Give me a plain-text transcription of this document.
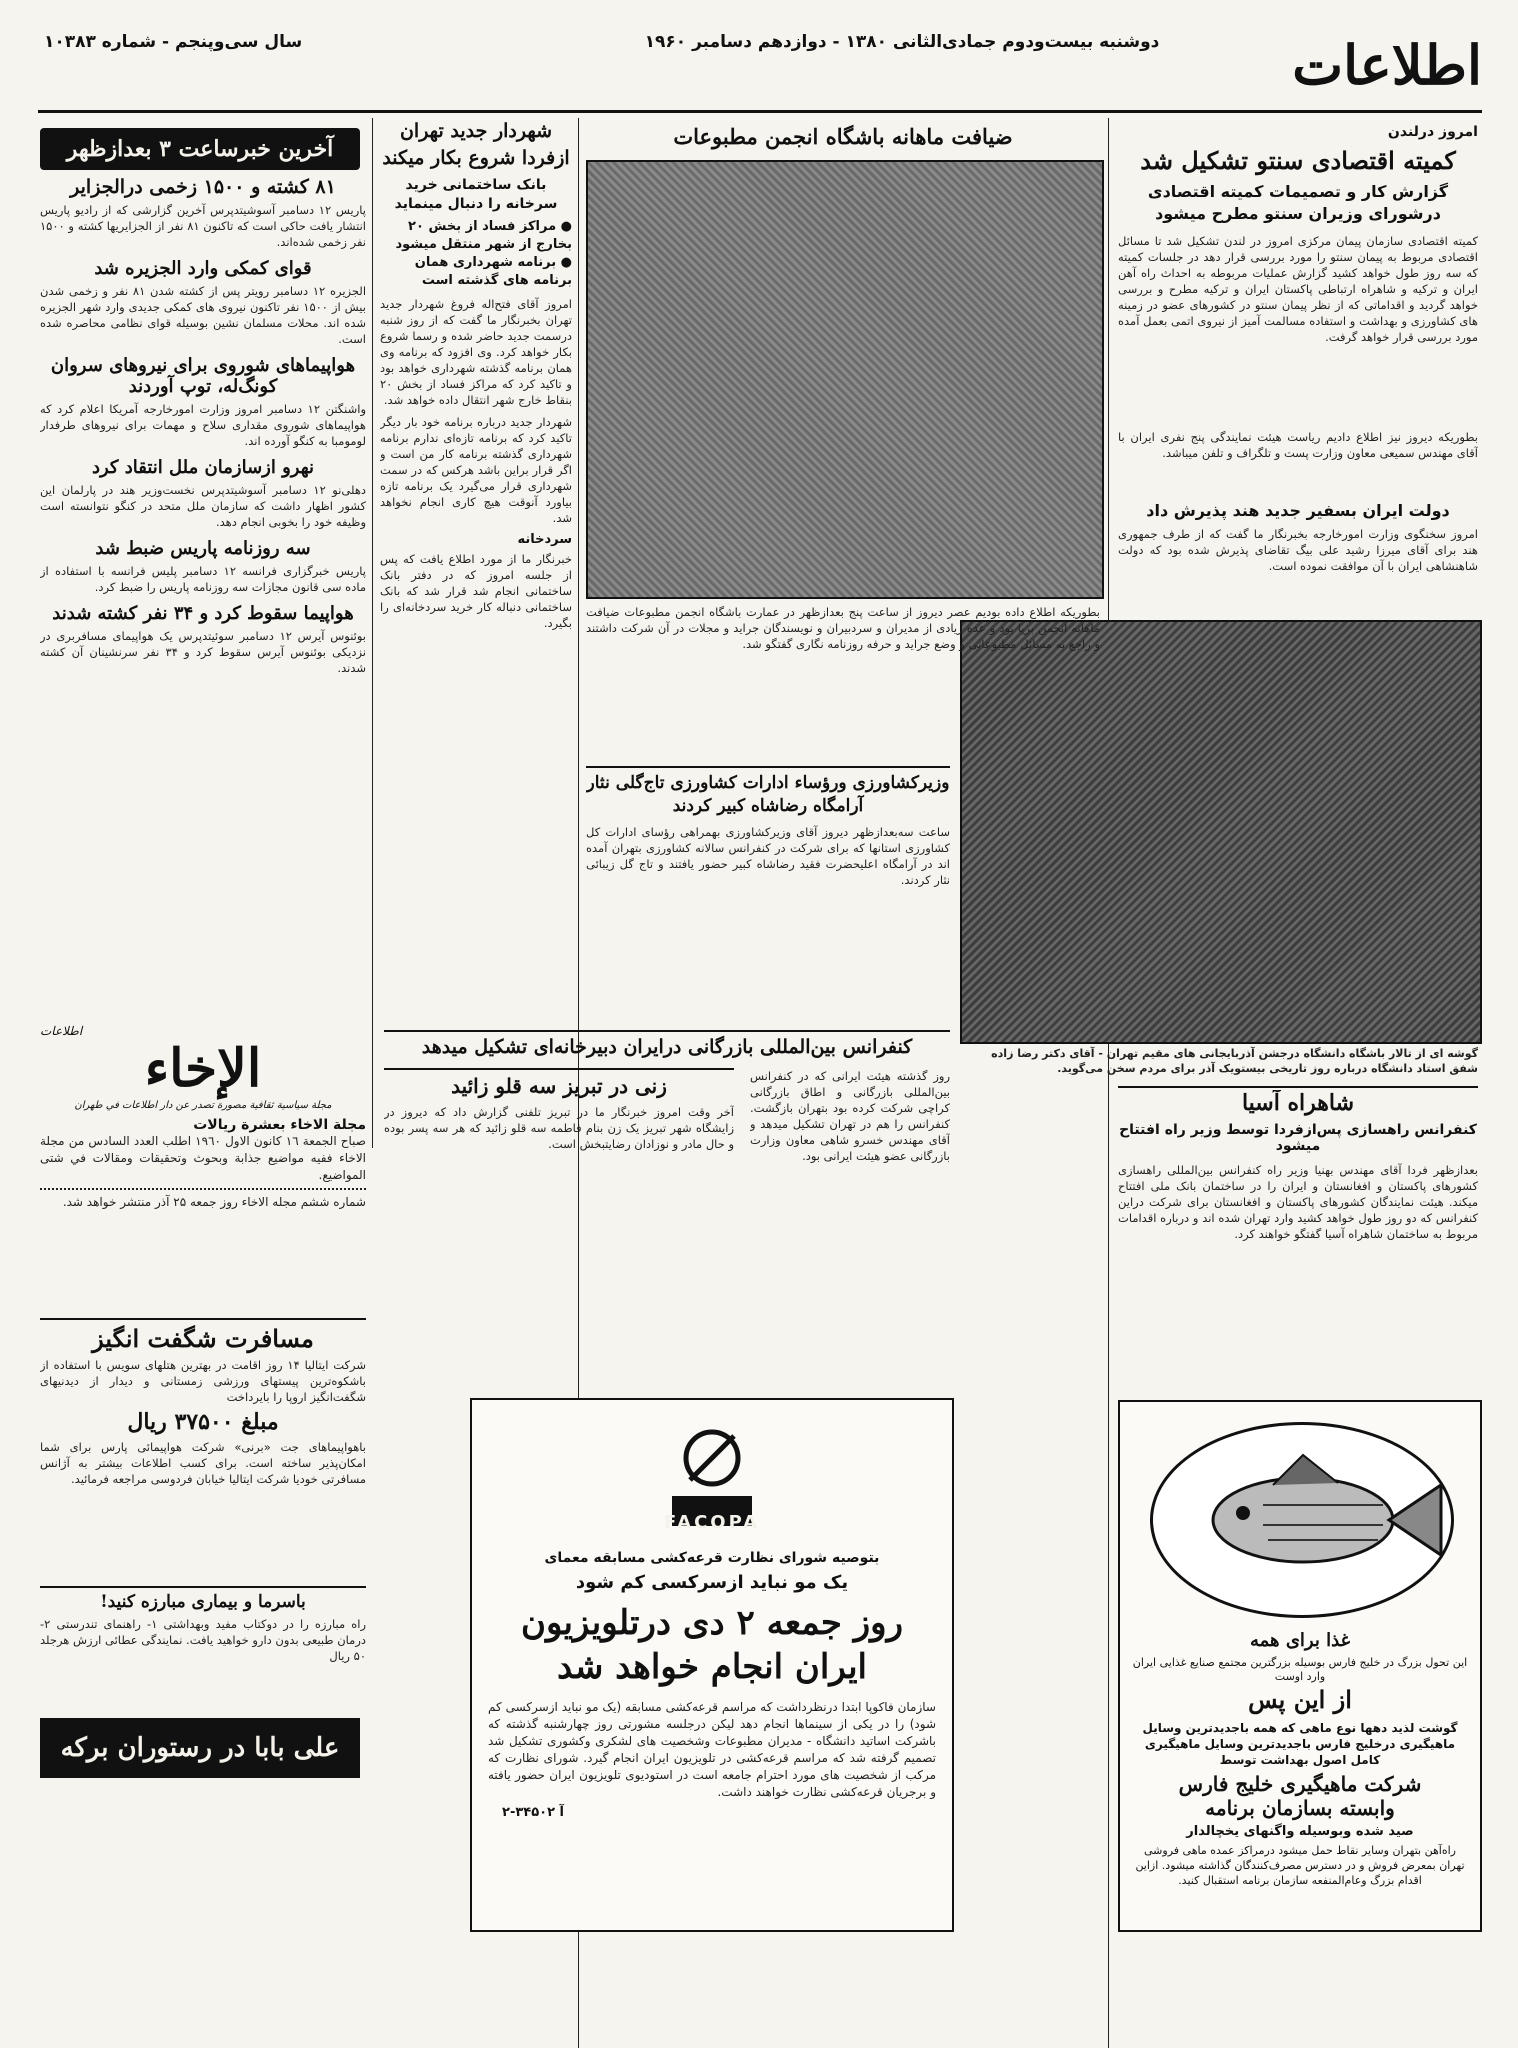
اطلاعات
دوشنبه بیست‌ودوم جمادی‌الثانی ۱۳۸۰ - دوازدهم دسامبر ۱۹۶۰
سال سی‌وپنجم - شماره ۱۰۳۸۳
امروز درلندن
کمیته اقتصادی سنتو تشکیل شد
گزارش کار و تصمیمات کمیته اقتصادی درشورای وزیران سنتو مطرح میشود
کمیته اقتصادی سازمان پیمان مرکزی امروز در لندن تشکیل شد تا مسائل اقتصادی مربوط به پیمان سنتو را مورد بررسی قرار دهد در جلسات کمیته که سه روز طول خواهد کشید گزارش عملیات مربوطه به احداث راه آهن ایران و ترکیه و شاهراه ارتباطی پاکستان ایران و ترکیه مطرح و بررسی خواهد گردید و اقداماتی که از نظر پیمان سنتو در کشورهای عضو در زمینه های کشاورزی و بهداشت و استفاده مسالمت آمیز از نیروی اتمی بعمل آمده مورد بررسی قرار خواهد گرفت.
بطوریکه دیروز نیز اطلاع دادیم ریاست هیئت نمایندگی پنج نفری ایران با آقای مهندس سمیعی معاون وزارت پست و تلگراف و تلفن میباشد.
دولت ایران بسفیر جدید هند پذیرش داد
امروز سخنگوی وزارت امورخارجه بخبرنگار ما گفت که از طرف جمهوری هند برای آقای میرزا رشید علی بیگ تقاضای پذیرش شده بود که دولت شاهنشاهی ایران با آن موافقت نموده است.
گوشه ای از تالار باشگاه دانشگاه درجشن آذربایجانی های مقیم تهران - آقای دکتر رضا زاده شفق استاد دانشگاه درباره روز تاریخی بیستویک آذر برای مردم سخن می‌گوید.
شاهراه آسیا
کنفرانس راهسازی پس‌ازفردا توسط وزیر راه افتتاح میشود
بعدازظهر فردا آقای مهندس بهنیا وزیر راه کنفرانس بین‌المللی راهسازی کشورهای پاکستان و افغانستان و ایران را در ساختمان بانک ملی افتتاح میکند. هیئت نمایندگان کشورهای پاکستان و افغانستان برای شرکت دراین کنفرانس که دو روز طول خواهد کشید وارد تهران شده اند و درباره اقدامات مربوط به ساختمان شاهراه آسیا گفتگو خواهند کرد.
غذا برای همه
این تحول بزرگ در خلیج فارس بوسیله بزرگترین مجتمع صنایع غذایی ایران
وارد اوست
از این پس
گوشت لذید دهها نوع ماهی که همه باجدیدترین وسایل ماهیگیری درخلیج فارس باجدیدترین وسایل ماهیگیری کامل اصول بهداشت توسط
شرکت ماهیگیری خلیج فارس
وابسته بسازمان برنامه
صید شده وبوسیله واگنهای یخچالدار
راه‌آهن بتهران وسایر نقاط حمل میشود درمراکز عمده ماهی فروشی تهران بمعرض فروش و در دسترس مصرف‌کنندگان گذاشته میشود. ازاین اقدام بزرگ وعام‌المنفعه سازمان برنامه استقبال کنید.
ضیافت ماهانه باشگاه انجمن مطبوعات
بطوریکه اطلاع داده بودیم عصر دیروز از ساعت پنج بعدازظهر در عمارت باشگاه انجمن مطبوعات ضیافت ماهانه انجمن برپا بود و عده زیادی از مدیران و سردبیران و نویسندگان جراید و مجلات در آن شرکت داشتند و راجع به مسائل مطبوعاتی و وضع جراید و حرفه روزنامه نگاری گفتگو شد.
وزیرکشاورزی ورؤساء ادارات کشاورزی تاج‌گلی نثار آرامگاه رضاشاه کبیر کردند
ساعت سه‌بعدازظهر دیروز آقای وزیرکشاورزی بهمراهی رؤسای ادارات کل کشاورزی استانها که برای شرکت در کنفرانس سالانه کشاورزی بتهران آمده اند در آرامگاه اعلیحضرت فقید رضاشاه کبیر حضور یافتند و تاج گل زیبائی نثار کردند.
کنفرانس بین‌المللی بازرگانی درایران دبیرخانه‌ای تشکیل میدهد
روز گذشته هیئت ایرانی که در کنفرانس بین‌المللی بازرگانی و اطاق بازرگانی کراچی شرکت کرده بود بتهران بازگشت. کنفرانس را هم در تهران تشکیل میدهد و آقای مهندس خسرو شاهی معاون وزارت بازرگانی عضو هیئت ایرانی بود.
زنی در تبریز سه قلو زائید
آخر وقت امروز خبرنگار ما در تبریز تلفنی گزارش داد که دیروز در زایشگاه شهر تبریز یک زن بنام فاطمه سه قلو زائید که هر سه پسر بوده و حال مادر و نوزادان رضایتبخش است.
FACOPA
بتوصیه شورای نظارت قرعه‌کشی مسابقه معمای
یک مو نباید ازسرکسی کم شود
روز جمعه ۲ دی درتلویزیون
ایران انجام خواهد شد
سازمان فاکوپا ابتدا درنظرداشت که مراسم قرعه‌کشی مسابقه (یک مو نباید ازسرکسی کم شود) را در یکی از سینماها انجام دهد لیکن درجلسه مشورتی روز چهارشنبه گذشته که باشرکت اساتید دانشگاه - مدیران مطبوعات وشخصیت های لشکری وکشوری تشکیل شد تصمیم گرفته شد که مراسم قرعه‌کشی در تلویزیون ایران انجام گیرد. شورای نظارت که مرکب از شخصیت های مورد احترام جامعه است در استودیوی تلویزیون ایران حضور یافته و برجریان قرعه‌کشی نظارت خواهند داشت.
آ ۳۴۵۰۲-۲
شهردار جدید تهران ازفردا شروع بکار میکند
بانک ساختمانی خرید سرخانه را دنبال مینماید
● مراکز فساد از بخش ۲۰ بخارج از شهر منتقل میشود
● برنامه شهرداری همان برنامه های گذشته است
امروز آقای فتح‌اله فروغ شهردار جدید تهران بخبرنگار ما گفت که از روز شنبه درسمت جدید حاضر شده و رسما شروع بکار خواهد کرد. وی افزود که برنامه وی همان برنامه گذشته شهرداری خواهد بود و تاکید کرد که مراکز فساد از بخش ۲۰ بنقاط خارج شهر انتقال داده خواهد شد.
شهردار جدید درباره برنامه خود بار دیگر تاکید کرد که برنامه تازه‌ای ندارم برنامه شهرداری گذشته برنامه کار من است و اگر قرار براین باشد هرکس که در سمت شهرداری قرار می‌گیرد یک برنامه تازه بیاورد آنوقت هیچ کاری انجام نخواهد شد.
سردخانه
خبرنگار ما از مورد اطلاع یافت که پس از جلسه امروز که در دفتر بانک ساختمانی انجام شد قرار شد که بانک ساختمانی دنباله کار خرید سردخانه‌ای را بگیرد.
آخرین خبرساعت ۳ بعدازظهر
۸۱ کشته و ۱۵۰۰ زخمی درالجزایر
پاریس ۱۲ دسامبر آسوشیتدپرس آخرین گزارشی که از رادیو پاریس انتشار یافت حاکی است که تاکنون ۸۱ نفر از الجزایریها کشته و ۱۵۰۰ نفر زخمی شده‌اند.
قوای کمکی وارد الجزیره شد
الجزیره ۱۲ دسامبر رویتر پس از کشته شدن ۸۱ نفر و زخمی شدن بیش از ۱۵۰۰ نفر تاکنون نیروی های کمکی جدیدی وارد شهر الجزیره شده اند. محلات مسلمان نشین بوسیله قوای نظامی محاصره شده است.
هواپیماهای شوروی برای نیروهای سروان
کونگ‌له، توپ آوردند
واشنگتن ۱۲ دسامبر امروز وزارت امورخارجه آمریکا اعلام کرد که هواپیماهای شوروی مقداری سلاح و مهمات برای نیروهای طرفدار لومومبا به کنگو آورده اند.
نهرو ازسازمان ملل انتقاد کرد
دهلی‌نو ۱۲ دسامبر آسوشیتدپرس نخست‌وزیر هند در پارلمان این کشور اظهار داشت که سازمان ملل متحد در کنگو نتوانسته است وظیفه خود را بخوبی انجام دهد.
سه روزنامه پاریس ضبط شد
پاریس خبرگزاری فرانسه ۱۲ دسامبر پلیس فرانسه با استفاده از ماده سی قانون مجازات سه روزنامه پاریس را ضبط کرد.
هواپیما سقوط کرد و ۳۴ نفر کشته شدند
بوئنوس آیرس ۱۲ دسامبر سوئیتدپرس یک هواپیمای مسافربری در نزدیکی بوئنوس آیرس سقوط کرد و ۳۴ نفر سرنشینان آن کشته شدند.
اطلاعات
الإخاء
مجلة سياسية ثقافية مصورة تصدر عن دار اطلاعات في طهران
مجلة الاخاء بعشرة ريالات
صباح الجمعة ١٦ كانون الاول ١٩٦٠ اطلب العدد السادس من مجلة الاخاء ففيه مواضيع جذابة وبحوث وتحقيقات ومقالات في شتى المواضيع.
شماره ششم مجله الاخاء روز جمعه ۲۵ آذر منتشر خواهد شد.
مسافرت شگفت انگیز
شرکت ایتالیا ۱۴ روز اقامت در بهترین هتلهای سویس با استفاده از باشکوه‌ترین پیستهای ورزشی زمستانی و دیدار از دیدنیهای شگفت‌انگیز اروپا را بایرداخت
مبلغ ۳۷۵۰۰ ریال
باهواپیماهای جت «برنی» شرکت هواپیمائی پارس برای شما امکان‌پذیر ساخته است. برای کسب اطلاعات بیشتر به آژانس مسافرتی خودیا شرکت ایتالیا خیابان فردوسی مراجعه فرمائید.
باسرما و بیماری مبارزه کنید!
راه مبارزه را در دوکتاب مفید وبهداشتی ۱- راهنمای تندرستی ۲- درمان طبیعی بدون دارو خواهید یافت. نمایندگی عطائی ارزش هرجلد ۵۰ ریال
علی بابا در رستوران برکه
